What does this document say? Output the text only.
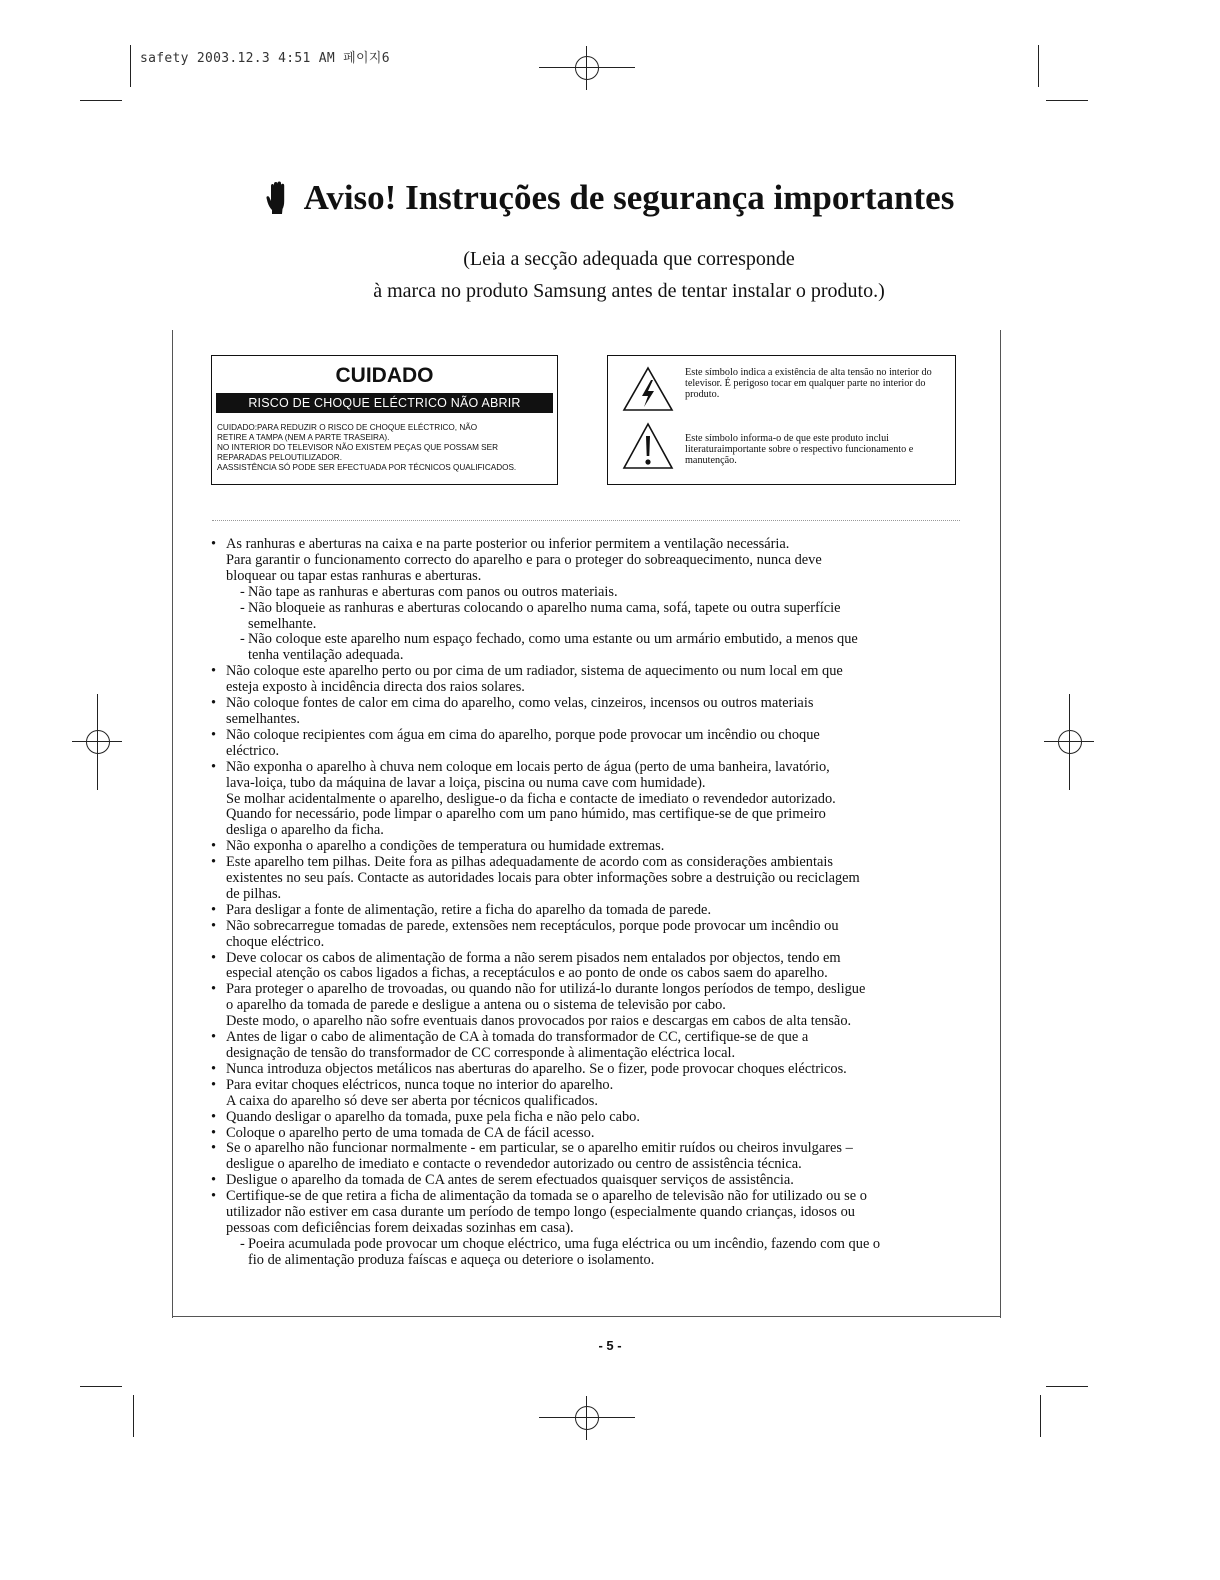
safety 2003.12.3 4:51 AM 페이지6
Aviso! Instruções de segurança importantes
(Leia a secção adequada que corresponde
à marca no produto Samsung antes de tentar instalar o produto.)
CUIDADO
RISCO DE CHOQUE ELÉCTRICO NÃO ABRIR
CUIDADO:PARA REDUZIR O RISCO DE CHOQUE ELÉCTRICO, NÃO
RETIRE A TAMPA (NEM A PARTE TRASEIRA).
NO INTERIOR DO TELEVISOR NÃO EXISTEM PEÇAS QUE POSSAM SER
REPARADAS PELOUTILIZADOR.
AASSISTÊNCIA SÓ PODE SER EFECTUADA POR TÉCNICOS QUALIFICADOS.
Este símbolo indica a existência de alta tensão no interior do televisor. É perigoso tocar em qualquer parte no interior do produto.
Este símbolo informa-o de que este produto inclui literaturaimportante sobre o respectivo funcionamento e manutenção.
• As ranhuras e aberturas na caixa e na parte posterior ou inferior permitem a ventilação necessária.
Para garantir o funcionamento correcto do aparelho e para o proteger do sobreaquecimento, nunca deve
bloquear ou tapar estas ranhuras e aberturas.
- Não tape as ranhuras e aberturas com panos ou outros materiais.
- Não bloqueie as ranhuras e aberturas colocando o aparelho numa cama, sofá, tapete ou outra superfície
semelhante.
- Não coloque este aparelho num espaço fechado, como uma estante ou um armário embutido, a menos que
tenha ventilação adequada.
• Não coloque este aparelho perto ou por cima de um radiador, sistema de aquecimento ou num local em que
esteja exposto à incidência directa dos raios solares.
• Não coloque fontes de calor em cima do aparelho, como velas, cinzeiros, incensos ou outros materiais
semelhantes.
• Não coloque recipientes com água em cima do aparelho, porque pode provocar um incêndio ou choque
eléctrico.
• Não exponha o aparelho à chuva nem coloque em locais perto de água (perto de uma banheira, lavatório,
lava-loiça, tubo da máquina de lavar a loiça, piscina ou numa cave com humidade).
Se molhar acidentalmente o aparelho, desligue-o da ficha e contacte de imediato o revendedor autorizado.
Quando for necessário, pode limpar o aparelho com um pano húmido, mas certifique-se de que primeiro
desliga o aparelho da ficha.
• Não exponha o aparelho a condições de temperatura ou humidade extremas.
• Este aparelho tem pilhas. Deite fora as pilhas adequadamente de acordo com as considerações ambientais
existentes no seu país. Contacte as autoridades locais para obter informações sobre a destruição ou reciclagem
de pilhas.
• Para desligar a fonte de alimentação, retire a ficha do aparelho da tomada de parede.
• Não sobrecarregue tomadas de parede, extensões nem receptáculos, porque pode provocar um incêndio ou
choque eléctrico.
• Deve colocar os cabos de alimentação de forma a não serem pisados nem entalados por objectos, tendo em
especial atenção os cabos ligados a fichas, a receptáculos e ao ponto de onde os cabos saem do aparelho.
• Para proteger o aparelho de trovoadas, ou quando não for utilizá-lo durante longos períodos de tempo, desligue
o aparelho da tomada de parede e desligue a antena ou o sistema de televisão por cabo.
Deste modo, o aparelho não sofre eventuais danos provocados por raios e descargas em cabos de alta tensão.
• Antes de ligar o cabo de alimentação de CA à tomada do transformador de CC, certifique-se de que a
designação de tensão do transformador de CC corresponde à alimentação eléctrica local.
• Nunca introduza objectos metálicos nas aberturas do aparelho. Se o fizer, pode provocar choques eléctricos.
• Para evitar choques eléctricos, nunca toque no interior do aparelho.
A caixa do aparelho só deve ser aberta por técnicos qualificados.
• Quando desligar o aparelho da tomada, puxe pela ficha e não pelo cabo.
• Coloque o aparelho perto de uma tomada de CA de fácil acesso.
• Se o aparelho não funcionar normalmente - em particular, se o aparelho emitir ruídos ou cheiros invulgares –
desligue o aparelho de imediato e contacte o revendedor autorizado ou centro de assistência técnica.
• Desligue o aparelho da tomada de CA antes de serem efectuados quaisquer serviços de assistência.
• Certifique-se de que retira a ficha de alimentação da tomada se o aparelho de televisão não for utilizado ou se o
utilizador não estiver em casa durante um período de tempo longo (especialmente quando crianças, idosos ou
pessoas com deficiências forem deixadas sozinhas em casa).
- Poeira acumulada pode provocar um choque eléctrico, uma fuga eléctrica ou um incêndio, fazendo com que o
fio de alimentação produza faíscas e aqueça ou deteriore o isolamento.
- 5 -
